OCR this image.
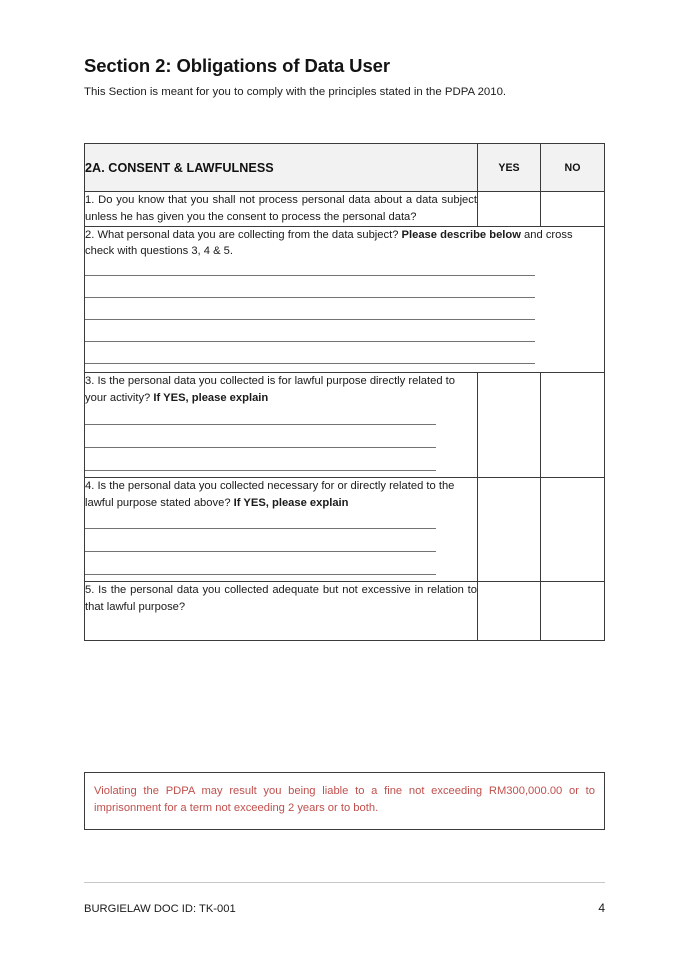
Section 2: Obligations of Data User

This Section is meant for you to comply with the principles stated in the PDPA 2010.

2A. CONSENT & LAWFULNESS	YES	NO

1. Do you know that you shall not process personal data about a data subject unless he has given you the consent to process the personal data?		

2. What personal data you are collecting from the data subject? Please describe below and cross check with questions 3, 4 & 5.		

3. Is the personal data you collected is for lawful purpose directly related to your activity? If YES, please explain		

4. Is the personal data you collected necessary for or directly related to the lawful purpose stated above? If YES, please explain		

5. Is the personal data you collected adequate but not excessive in relation to that lawful purpose?		

Violating the PDPA may result you being liable to a fine not exceeding RM300,000.00 or to imprisonment for a term not exceeding 2 years or to both.

BURGIELAW DOC ID: TK-001	4
